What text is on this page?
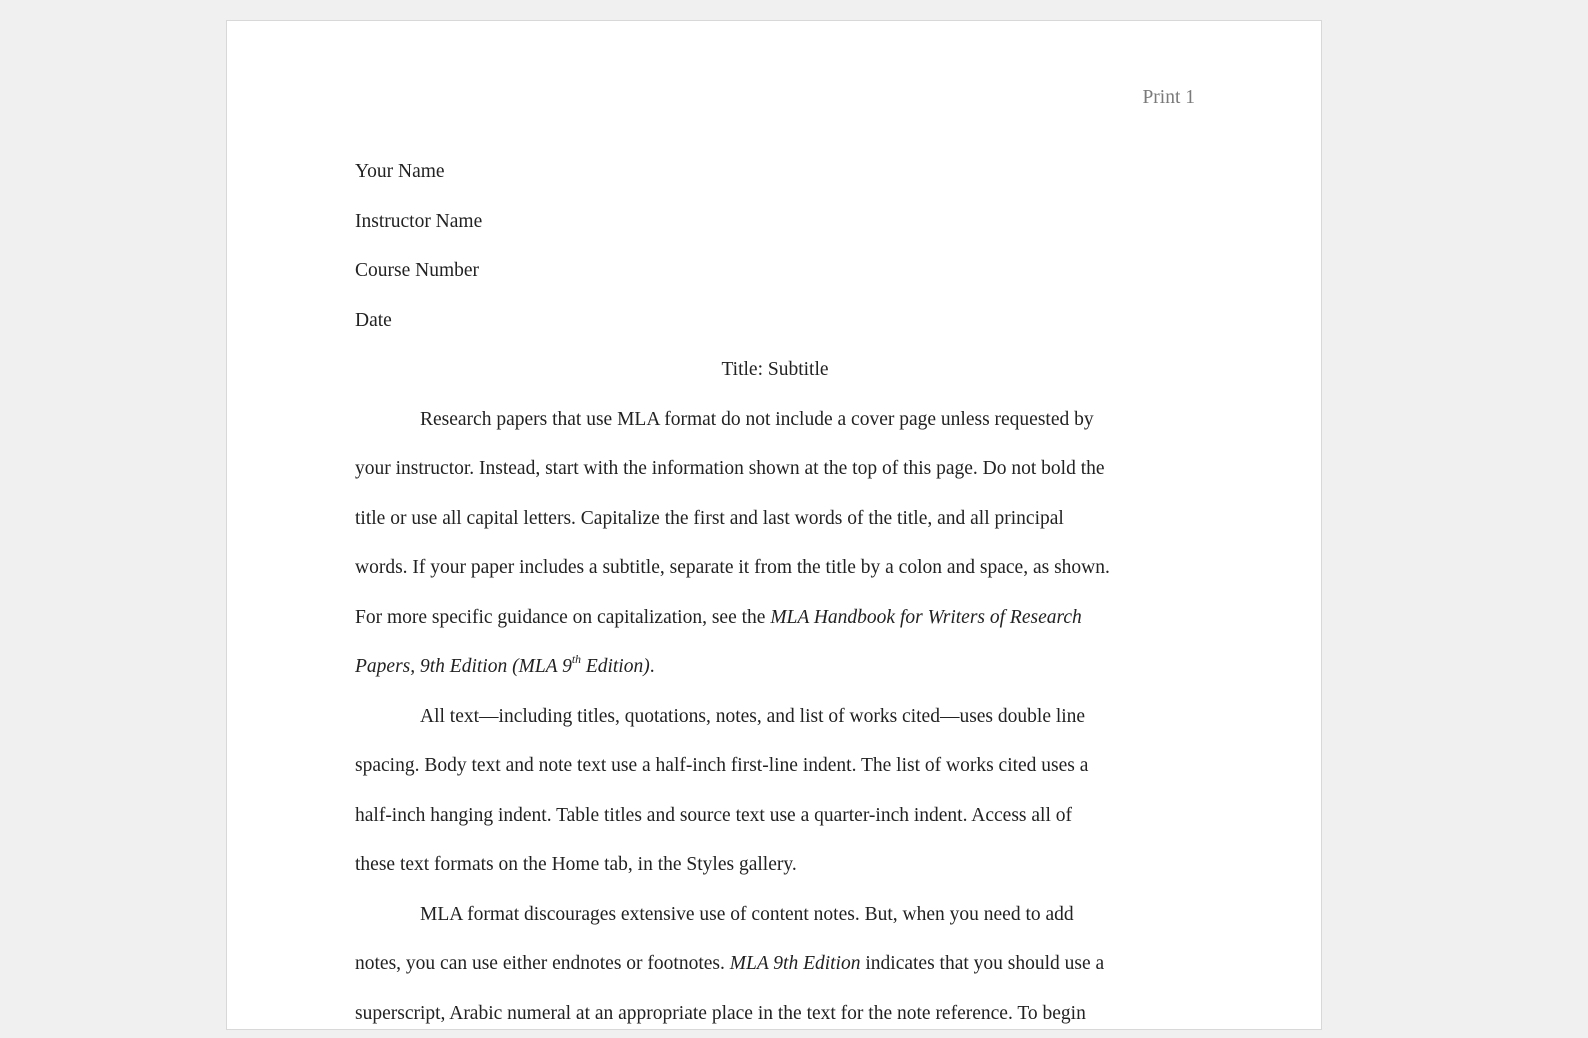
Print 1
Your Name
Instructor Name
Course Number
Date
Title: Subtitle
Research papers that use MLA format do not include a cover page unless requested by
your instructor. Instead, start with the information shown at the top of this page. Do not bold the
title or use all capital letters. Capitalize the first and last words of the title, and all principal
words. If your paper includes a subtitle, separate it from the title by a colon and space, as shown.
For more specific guidance on capitalization, see the MLA Handbook for Writers of Research
Papers, 9th Edition (MLA 9th Edition).
All text—including titles, quotations, notes, and list of works cited—uses double line
spacing. Body text and note text use a half-inch first-line indent. The list of works cited uses a
half-inch hanging indent. Table titles and source text use a quarter-inch indent. Access all of
these text formats on the Home tab, in the Styles gallery.
MLA format discourages extensive use of content notes. But, when you need to add
notes, you can use either endnotes or footnotes. MLA 9th Edition indicates that you should use a
superscript, Arabic numeral at an appropriate place in the text for the note reference. To begin
